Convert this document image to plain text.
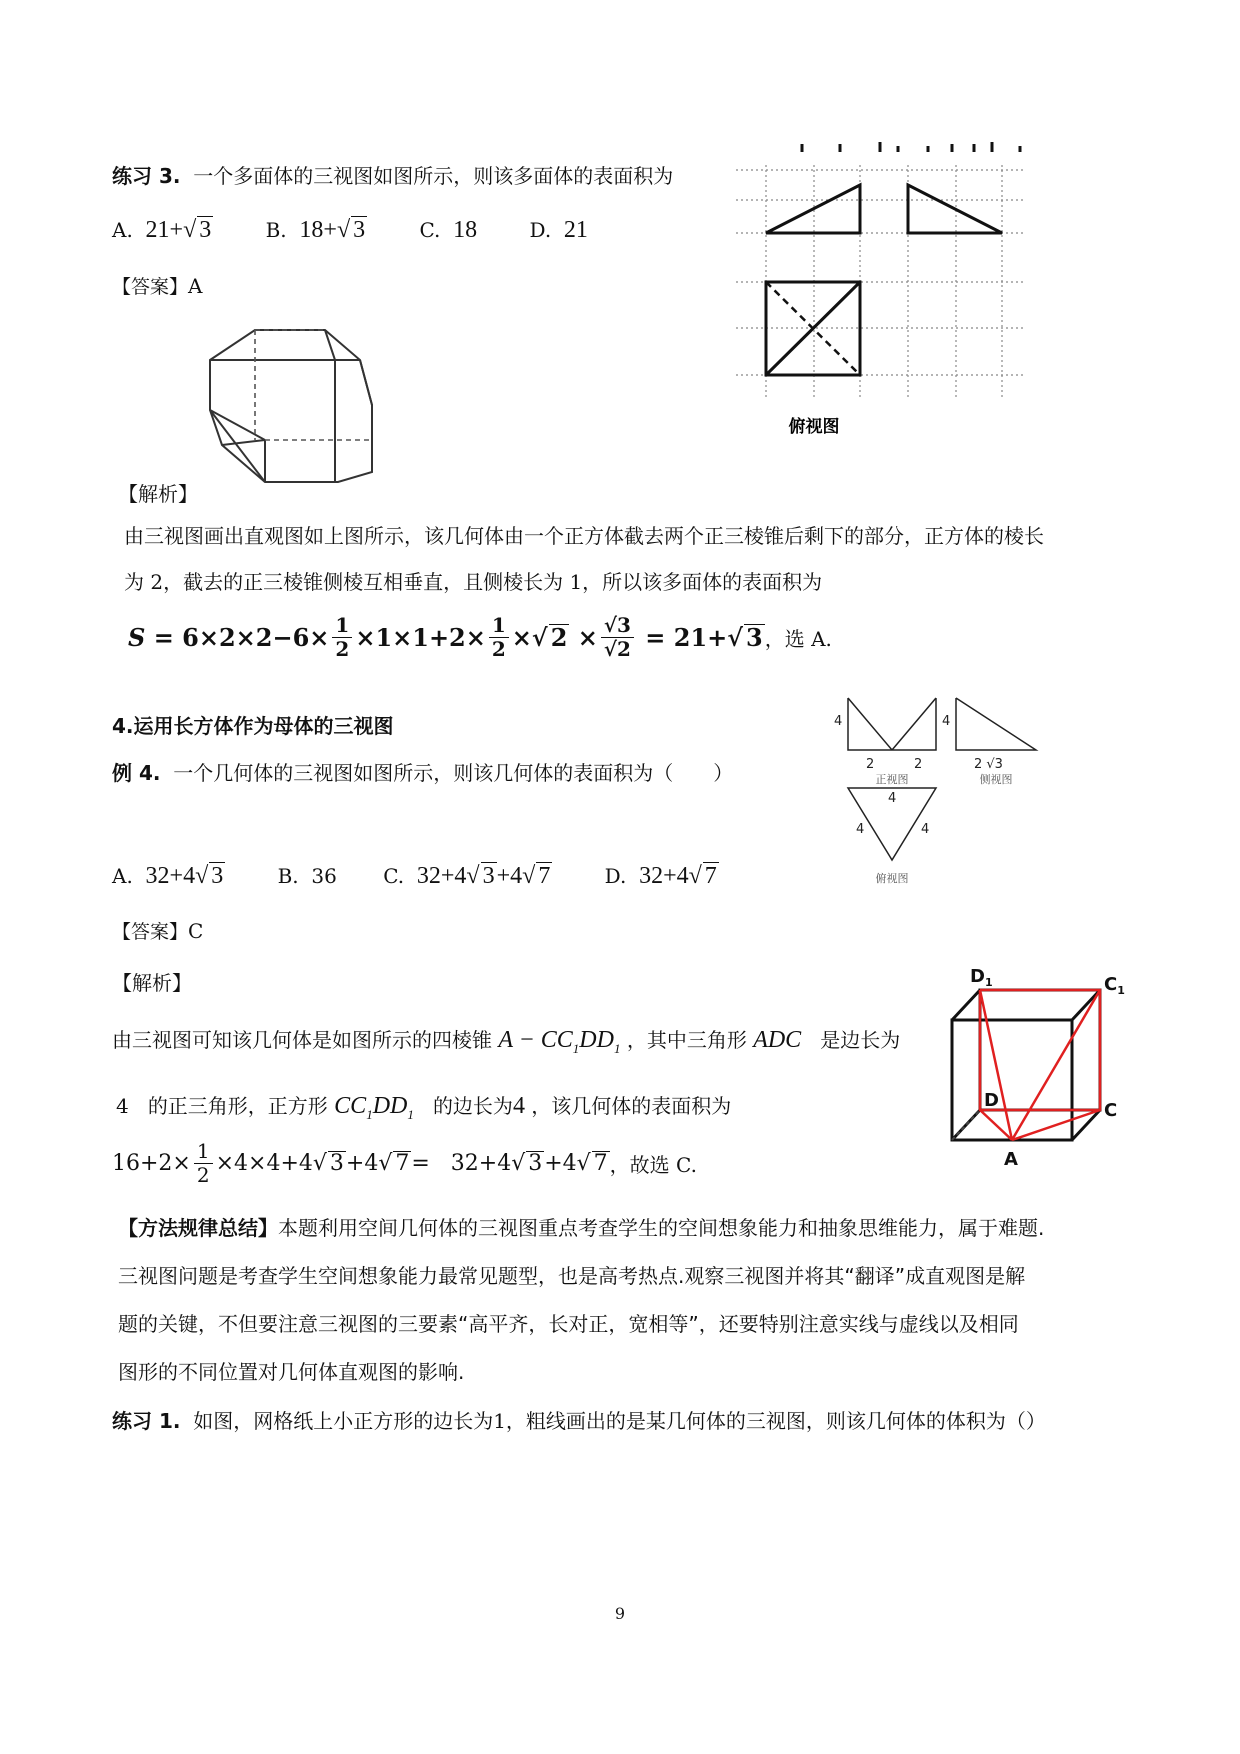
练习 3. 一个多面体的三视图如图所示，则该多面体的表面积为
A. 21+√ 3	B. 18+√ 3	C. 18	D. 21
【答案】A
俯视图
【解析】
由三视图画出直观图如上图所示，该几何体由一个正方体截去两个正三棱锥后剩下的部分，正方体的棱长
为 2，截去的正三棱锥侧棱互相垂直，且侧棱长为 1，所以该多面体的表面积为
$S = 6\times 2\times 2-6\times \frac{1}{2} \times 1\times 1+2\times \frac{1}{2}$ ×√ $2 \times \frac{√3}{√2} = 21+√$ 3 ，选 A.
4.运用长方体作为母体的三视图
例 4. 一个几何体的三视图如图所示，则该几何体的表面积为（　　）
4	4
2	2	2 √3
4
4	4
正视图	侧视图
俯视图
A. 32+4√ 3	B. 36 C. 32+4√ 3+4√ 7	D. 32+4√ 7
【答案】C
【解析】
由三视图可知该几何体是如图所示的四棱锥 $A - CC_1DD_1$ ，其中三角形 ADC 是边长为
4 的正三角形，正方形 $CC_1DD_1$ 的边长为4 ，该几何体的表面积为
$16+2\times \frac{1}{2} \times 4\times 4+4√$ 3 +4√ 7 =   32+4√ 3 +4√ 7 ，故选 C.
$D_1$	$C_1$
D	C
A
【方法规律总结】本题利用空间几何体的三视图重点考查学生的空间想象能力和抽象思维能力，属于难题.
三视图问题是考查学生空间想象能力最常见题型，也是高考热点.观察三视图并将其“翻译”成直观图是解
题的关键，不但要注意三视图的三要素“高平齐，长对正，宽相等”，还要特别注意实线与虚线以及相同
图形的不同位置对几何体直观图的影响.
练习 1. 如图，网格纸上小正方形的边长为1，粗线画出的是某几何体的三视图，则该几何体的体积为（）
9
